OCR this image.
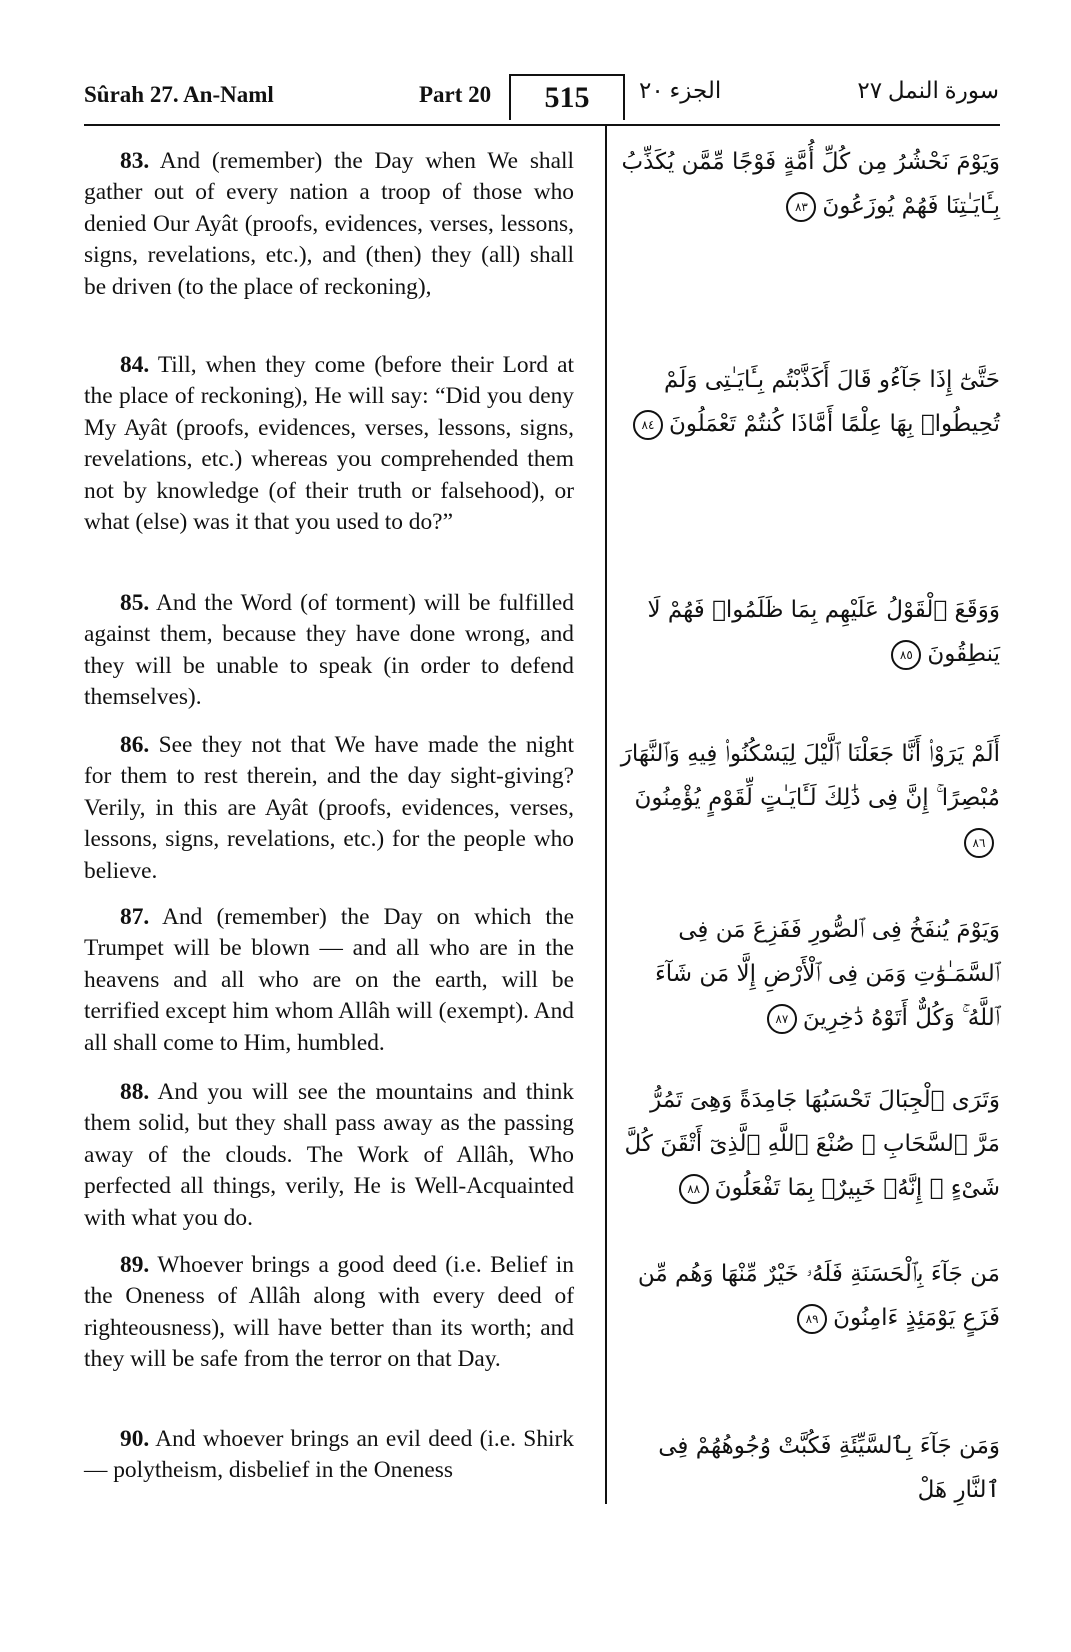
Sûrah 27. An-Naml	Part 20	515	الجزء ٢٠	سورة النمل ٢٧

83. And (remember) the Day when We shall gather out of every nation a troop of those who denied Our Ayât (proofs, evidences, verses, lessons, signs, revelations, etc.), and (then) they (all) shall be driven (to the place of reckoning),

وَيَوْمَ نَحْشُرُ مِن كُلِّ أُمَّةٍ فَوْجًا مِّمَّن يُكَذِّبُ بِـَٔايَـٰتِنَا فَهُمْ يُوزَعُونَ٨٣

84. Till, when they come (before their Lord at the place of reckoning), He will say: “Did you deny My Ayât (proofs, evidences, verses, lessons, signs, revelations, etc.) whereas you comprehended them not by knowledge (of their truth or falsehood), or what (else) was it that you used to do?”

حَتَّىٰٓ إِذَا جَآءُو قَالَ أَكَذَّبْتُم بِـَٔايَـٰتِى وَلَمْ تُحِيطُوا۟ بِهَا عِلْمًا أَمَّاذَا كُنتُمْ تَعْمَلُونَ٨٤

85. And the Word (of torment) will be fulfilled against them, because they have done wrong, and they will be unable to speak (in order to defend themselves).

وَوَقَعَ ٱلْقَوْلُ عَلَيْهِم بِمَا ظَلَمُوا۟ فَهُمْ لَا يَنطِقُونَ٨٥

86. See they not that We have made the night for them to rest therein, and the day sight-giving? Verily, in this are Ayât (proofs, evidences, verses, lessons, signs, revelations, etc.) for the people who believe.

أَلَمْ يَرَوْا۟ أَنَّا جَعَلْنَا ٱلَّيْلَ لِيَسْكُنُوا۟ فِيهِ وَٱلنَّهَارَ مُبْصِرًا ۚ إِنَّ فِى ذَٰلِكَ لَـَٔايَـٰتٍ لِّقَوْمٍ يُؤْمِنُونَ٨٦

87. And (remember) the Day on which the Trumpet will be blown — and all who are in the heavens and all who are on the earth, will be terrified except him whom Allâh will (exempt). And all shall come to Him, humbled.

وَيَوْمَ يُنفَخُ فِى ٱلصُّورِ فَفَزِعَ مَن فِى ٱلسَّمَـٰوَٰتِ وَمَن فِى ٱلْأَرْضِ إِلَّا مَن شَآءَ ٱللَّهُ ۚ وَكُلٌّ أَتَوْهُ دَٰخِرِينَ٨٧

88. And you will see the mountains and think them solid, but they shall pass away as the passing away of the clouds. The Work of Allâh, Who perfected all things, verily, He is Well-Acquainted with what you do.

وَتَرَى ٱلْجِبَالَ تَحْسَبُهَا جَامِدَةً وَهِىَ تَمُرُّ مَرَّ ٱلسَّحَابِ ۚ صُنْعَ ٱللَّهِ ٱلَّذِىٓ أَتْقَنَ كُلَّ شَىْءٍ ۚ إِنَّهُۥ خَبِيرٌۢ بِمَا تَفْعَلُونَ٨٨

89. Whoever brings a good deed (i.e. Belief in the Oneness of Allâh along with every deed of righteousness), will have better than its worth; and they will be safe from the terror on that Day.

مَن جَآءَ بِٱلْحَسَنَةِ فَلَهُۥ خَيْرٌ مِّنْهَا وَهُم مِّن فَزَعٍ يَوْمَئِذٍ ءَامِنُونَ٨٩

90. And whoever brings an evil deed (i.e. Shirk — polytheism, disbelief in the Oneness

وَمَن جَآءَ بِٱلسَّيِّئَةِ فَكُبَّتْ وُجُوهُهُمْ فِى ٱلنَّارِ هَلْ
